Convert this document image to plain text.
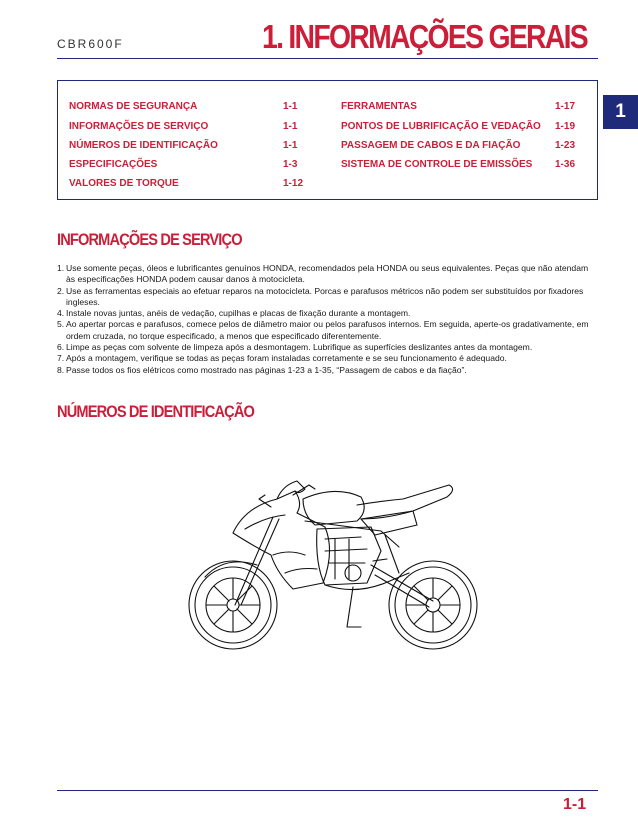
CBR600F	1. INFORMAÇÕES GERAIS
1
NORMAS DE SEGURANÇA	1-1
INFORMAÇÕES DE SERVIÇO	1-1
NÚMEROS DE IDENTIFICAÇÃO	1-1
ESPECIFICAÇÕES	1-3
VALORES DE TORQUE	1-12
FERRAMENTAS	1-17
PONTOS DE LUBRIFICAÇÃO E VEDAÇÃO 1-19
PASSAGEM DE CABOS E DA FIAÇÃO	1-23
SISTEMA DE CONTROLE DE EMISSÕES 1-36
INFORMAÇÕES DE SERVIÇO
1. Use somente peças, óleos e lubrificantes genuínos HONDA, recomendados pela HONDA ou seus equivalentes. Peças que não atendam às especificações HONDA podem causar danos à motocicleta.
2. Use as ferramentas especiais ao efetuar reparos na motocicleta. Porcas e parafusos métricos não podem ser substituídos por fixadores ingleses.
4. Instale novas juntas, anéis de vedação, cupilhas e placas de fixação durante a montagem.
5. Ao apertar porcas e parafusos, comece pelos de diâmetro maior ou pelos parafusos internos. Em seguida, aperte-os gradativamente, em ordem cruzada, no torque especificado, a menos que especificado diferentemente.
6. Limpe as peças com solvente de limpeza após a desmontagem. Lubrifique as superfícies deslizantes antes da montagem.
7. Após a montagem, verifique se todas as peças foram instaladas corretamente e se seu funcionamento é adequado.
8. Passe todos os fios elétricos como mostrado nas páginas 1-23 a 1-35, “Passagem de cabos e da fiação”.
NÚMEROS DE IDENTIFICAÇÃO
1-1
